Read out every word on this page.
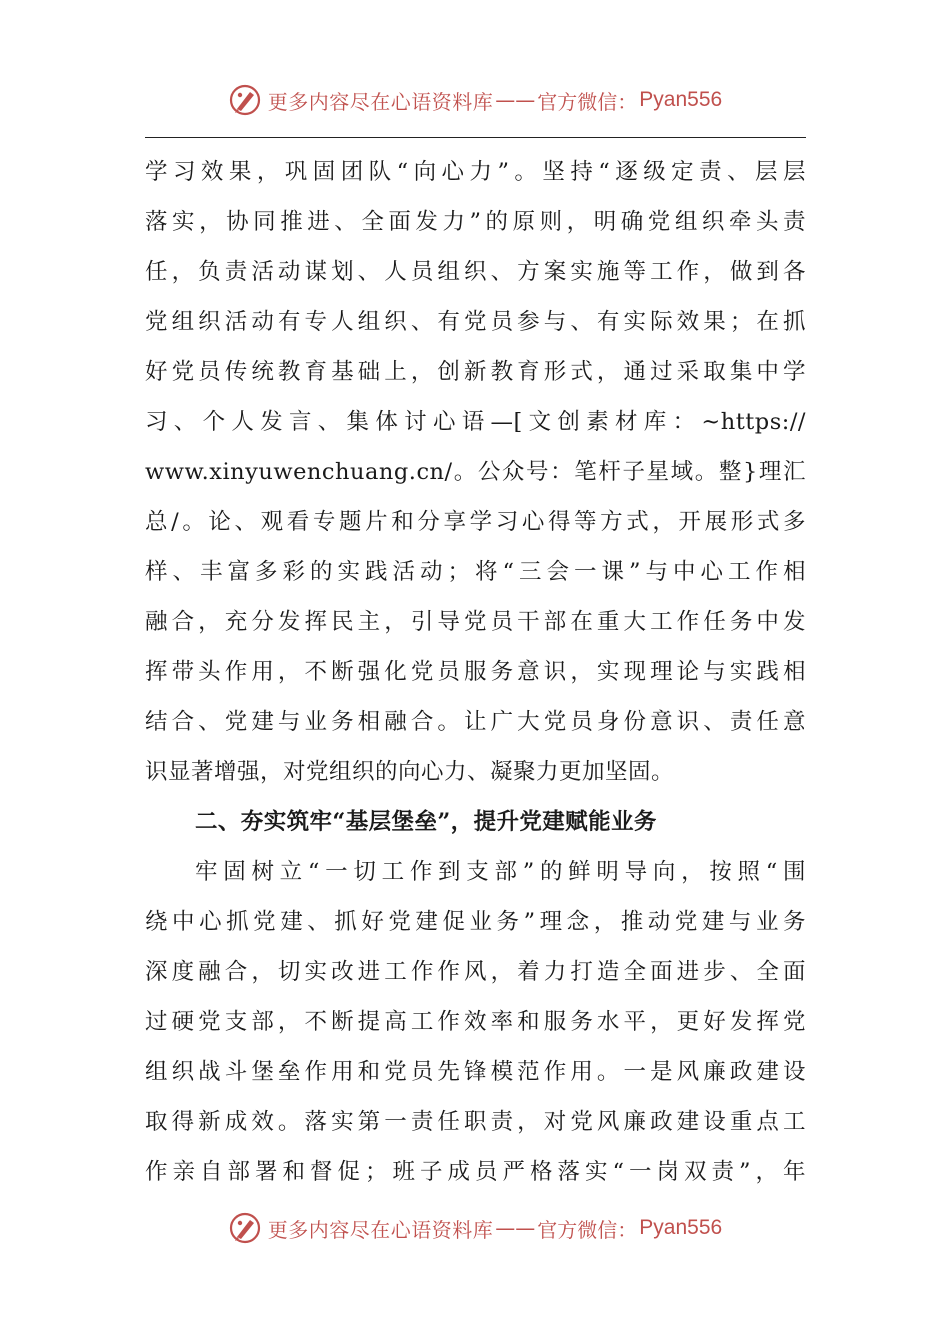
更多内容尽在心语资料库 —— 官方微信： Pyan556
学习效果，巩固团队“向心力”。坚持“逐级定责、层层
落实，协同推进、全面发力”的原则，明确党组织牵头责
任，负责活动谋划、人员组织、方案实施等工作，做到各
党组织活动有专人组织、有党员参与、有实际效果；在抓
好党员传统教育基础上，创新教育形式，通过采取集中学
习、个人发言、集体讨心语—[文创素材库：~https://
www.xinyuwenchuang.cn/。公众号：笔杆子星域。整}理汇
总/。论、观看专题片和分享学习心得等方式，开展形式多
样、丰富多彩的实践活动；将“三会一课”与中心工作相
融合，充分发挥民主，引导党员干部在重大工作任务中发
挥带头作用，不断强化党员服务意识，实现理论与实践相
结合、党建与业务相融合。让广大党员身份意识、责任意
识显著增强，对党组织的向心力、凝聚力更加坚固。
二、夯实筑牢“基层堡垒”，提升党建赋能业务
牢固树立“一切工作到支部”的鲜明导向，按照“围
绕中心抓党建、抓好党建促业务”理念，推动党建与业务
深度融合，切实改进工作作风，着力打造全面进步、全面
过硬党支部，不断提高工作效率和服务水平，更好发挥党
组织战斗堡垒作用和党员先锋模范作用。一是风廉政建设
取得新成效。落实第一责任职责，对党风廉政建设重点工
作亲自部署和督促；班子成员严格落实“一岗双责”，年
更多内容尽在心语资料库 —— 官方微信： Pyan556
